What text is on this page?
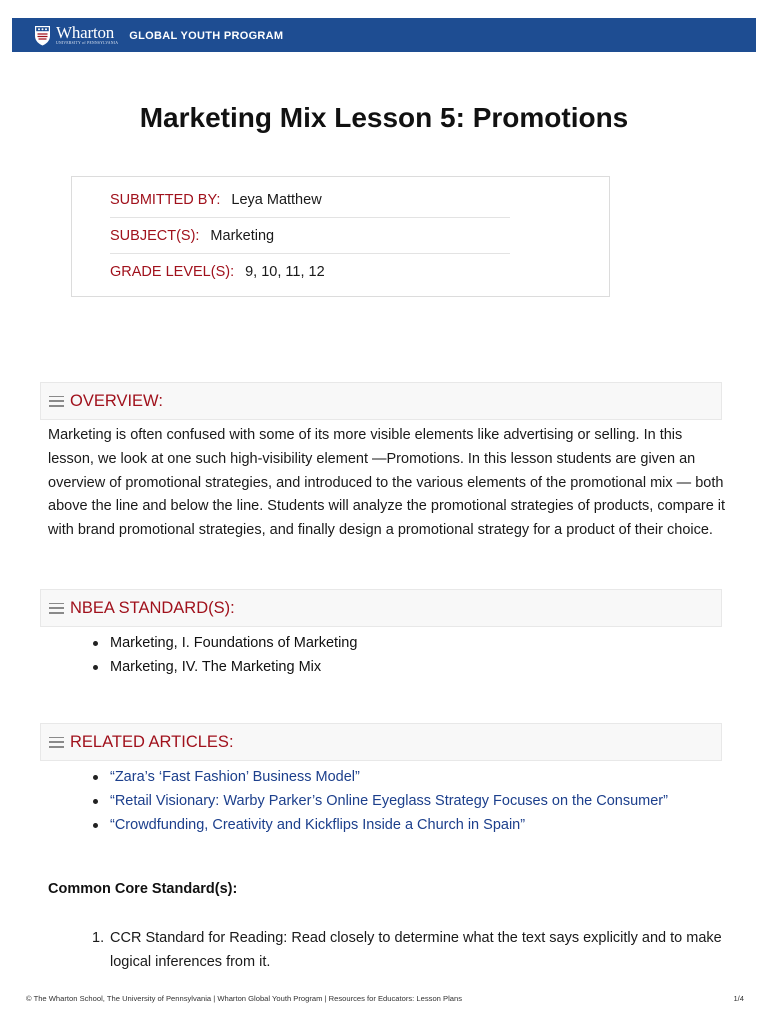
Wharton
UNIVERSITY of PENNSYLVANIA
GLOBAL YOUTH PROGRAM
Marketing Mix Lesson 5: Promotions
SUBMITTED BY: Leya Matthew
SUBJECT(S): Marketing
GRADE LEVEL(S): 9, 10, 11, 12
OVERVIEW:

Marketing is often confused with some of its more visible elements like advertising or selling. In this lesson, we look at one such high-visibility element —Promotions. In this lesson students are given an overview of promotional strategies, and introduced to the various elements of the promotional mix — both above the line and below the line. Students will analyze the promotional strategies of products, compare it with brand promotional strategies, and finally design a promotional strategy for a product of their choice.

NBEA STANDARD(S):
Marketing, I. Foundations of Marketing
Marketing, IV. The Marketing Mix
RELATED ARTICLES:
“Zara’s ‘Fast Fashion’ Business Model”
“Retail Visionary: Warby Parker’s Online Eyeglass Strategy Focuses on the Consumer”
“Crowdfunding, Creativity and Kickflips Inside a Church in Spain”
Common Core Standard(s):
1. CCR Standard for Reading: Read closely to determine what the text says explicitly and to make logical inferences from it.
© The Wharton School, The University of Pennsylvania | Wharton Global Youth Program | Resources for Educators: Lesson Plans	1/4
